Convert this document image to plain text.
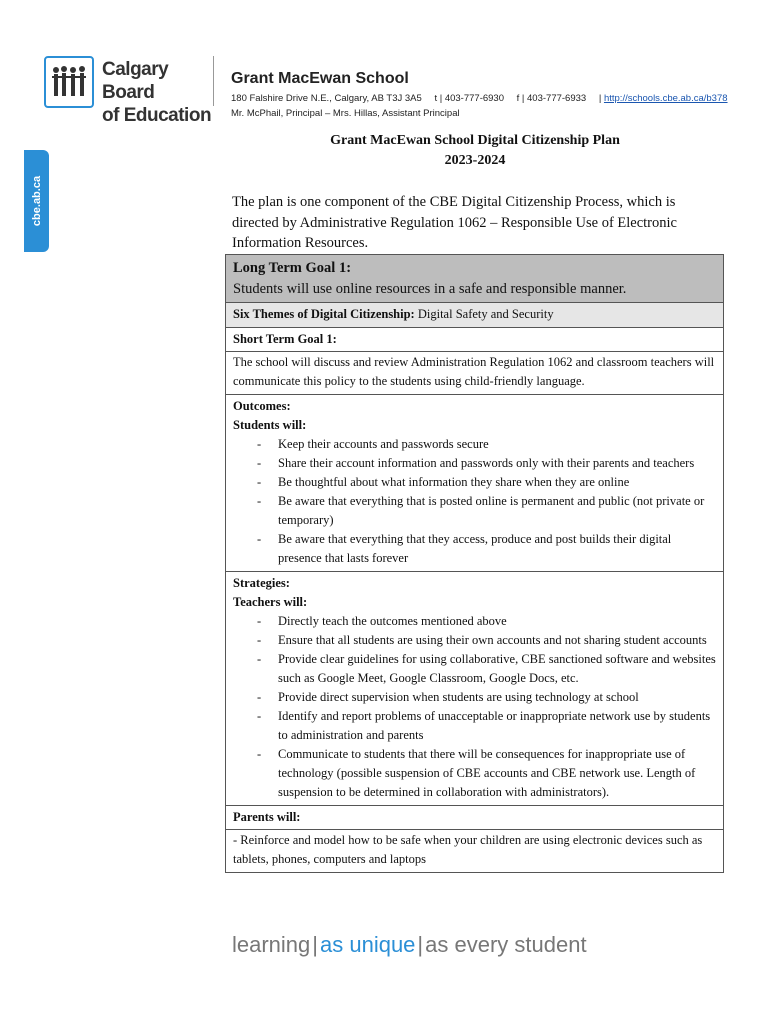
Calgary Board
of Education
Grant MacEwan School
180 Falshire Drive N.E., Calgary, AB T3J 3A5 t | 403-777-6930 f | 403-777-6933 | http://schools.cbe.ab.ca/b378
Mr. McPhail, Principal – Mrs. Hillas, Assistant Principal
cbe.ab.ca
Grant MacEwan School Digital Citizenship Plan
2023-2024
The plan is one component of the CBE Digital Citizenship Process, which is directed by Administrative Regulation 1062 – Responsible Use of Electronic Information Resources.
Long Term Goal 1:
Students will use online resources in a safe and responsible manner.
Six Themes of Digital Citizenship: Digital Safety and Security
Short Term Goal 1:
The school will discuss and review Administration Regulation 1062 and classroom teachers will communicate this policy to the students using child-friendly language.
Outcomes:
Students will:
- Keep their accounts and passwords secure
- Share their account information and passwords only with their parents and teachers
- Be thoughtful about what information they share when they are online
- Be aware that everything that is posted online is permanent and public (not private or temporary)
- Be aware that everything that they access, produce and post builds their digital presence that lasts forever
Strategies:
Teachers will:
- Directly teach the outcomes mentioned above
- Ensure that all students are using their own accounts and not sharing student accounts
- Provide clear guidelines for using collaborative, CBE sanctioned software and websites such as Google Meet, Google Classroom, Google Docs, etc.
- Provide direct supervision when students are using technology at school
- Identify and report problems of unacceptable or inappropriate network use by students to administration and parents
- Communicate to students that there will be consequences for inappropriate use of technology (possible suspension of CBE accounts and CBE network use. Length of suspension to be determined in collaboration with administrators).
Parents will:
- Reinforce and model how to be safe when your children are using electronic devices such as tablets, phones, computers and laptops
learning|as unique|as every student
